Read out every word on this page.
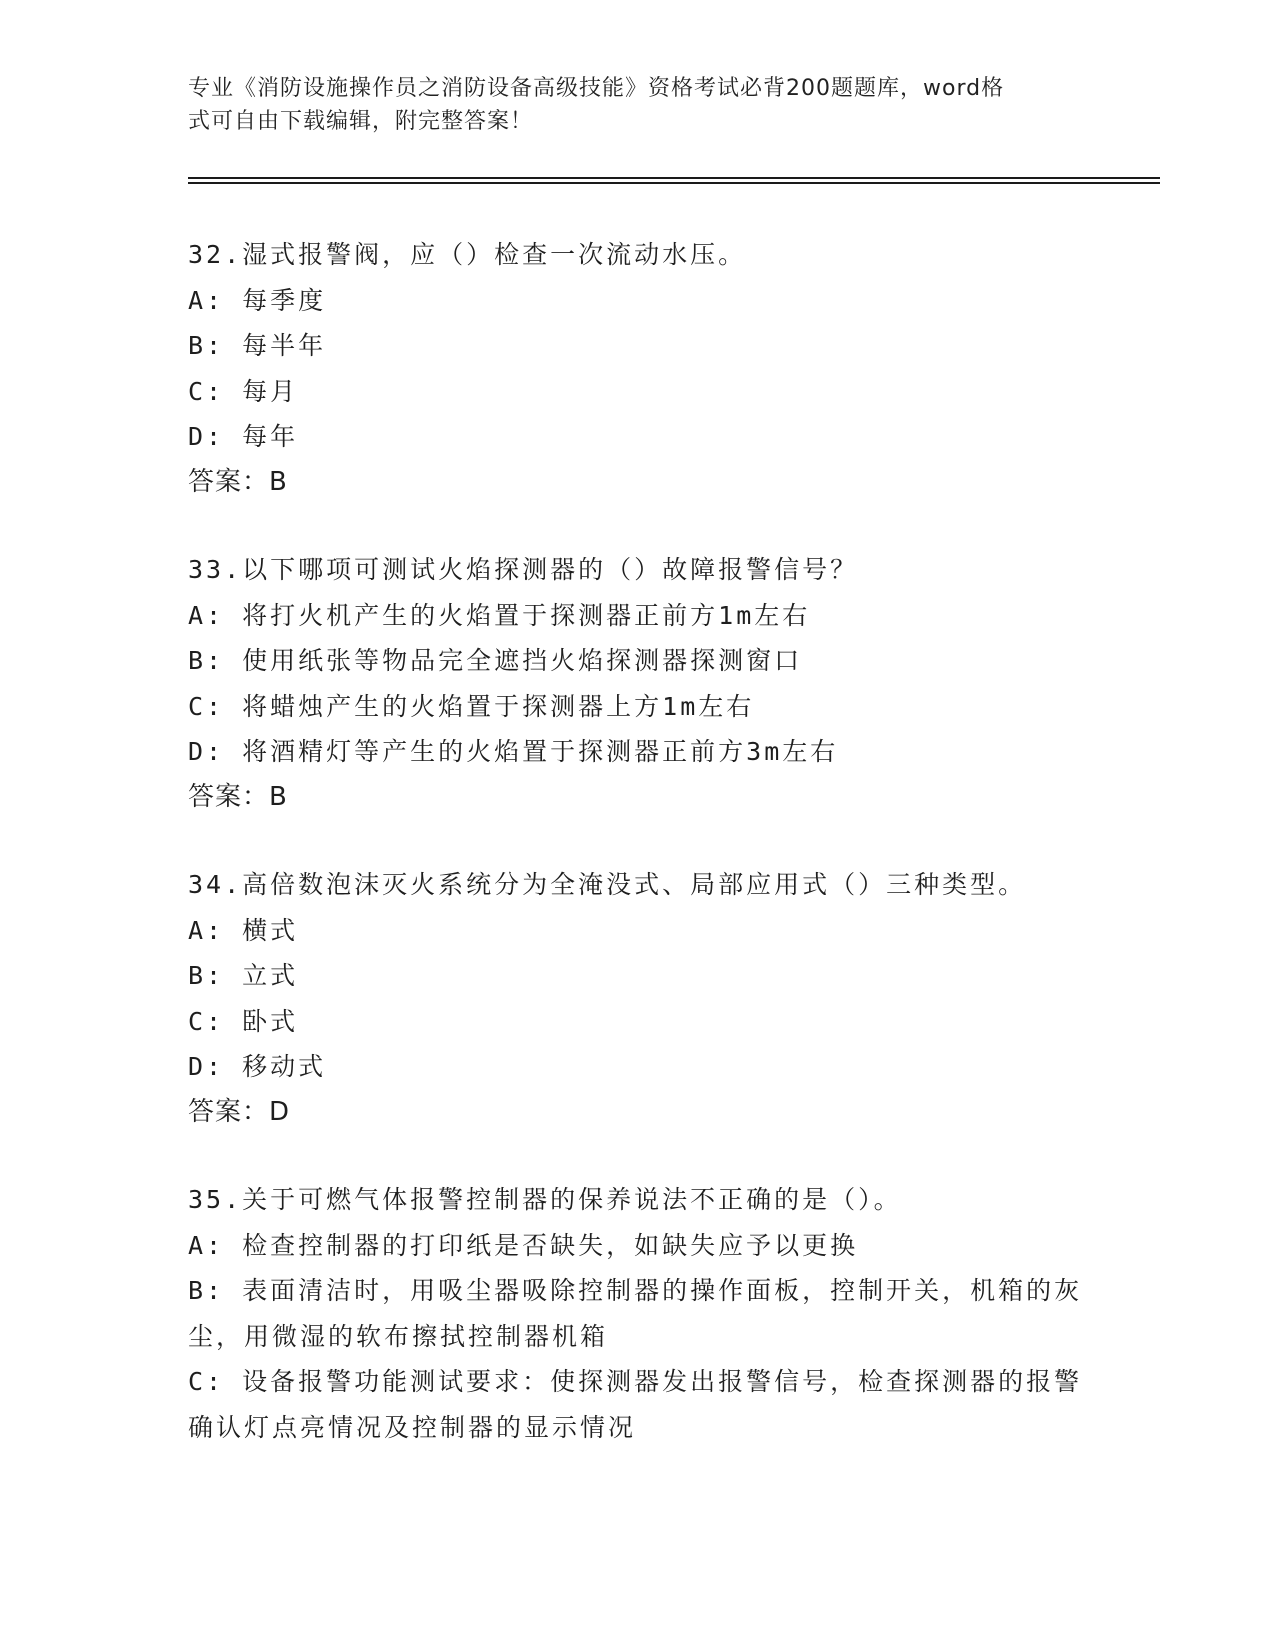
专业《消防设施操作员之消防设备高级技能》资格考试必背200题题库，word格
式可自由下载编辑，附完整答案！
32.湿式报警阀，应（）检查一次流动水压。
A: 每季度
B: 每半年
C: 每月
D: 每年
答案：B
33.以下哪项可测试火焰探测器的（）故障报警信号？
A: 将打火机产生的火焰置于探测器正前方1m左右
B: 使用纸张等物品完全遮挡火焰探测器探测窗口
C: 将蜡烛产生的火焰置于探测器上方1m左右
D: 将酒精灯等产生的火焰置于探测器正前方3m左右
答案：B
34.高倍数泡沫灭火系统分为全淹没式、局部应用式（）三种类型。
A: 横式
B: 立式
C: 卧式
D: 移动式
答案：D
35.关于可燃气体报警控制器的保养说法不正确的是（）。
A: 检查控制器的打印纸是否缺失，如缺失应予以更换
B: 表面清洁时，用吸尘器吸除控制器的操作面板，控制开关，机箱的灰尘，用微湿的软布擦拭控制器机箱
C: 设备报警功能测试要求：使探测器发出报警信号，检查探测器的报警确认灯点亮情况及控制器的显示情况
